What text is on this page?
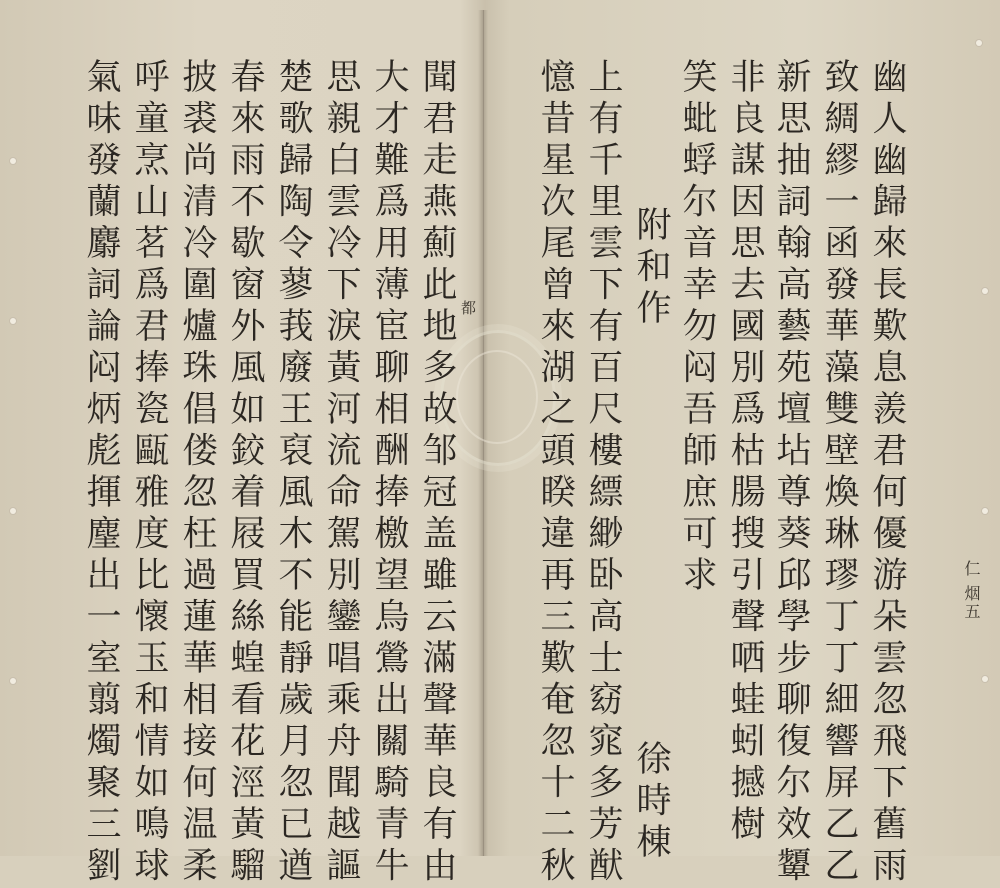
幽人幽歸來長歎息羨君何優游朵雲忽飛下舊雨
致綢繆一函發華藻雙壁煥琳璆丁丁細響屏乙乙
新思抽詞翰高藝苑壇坫尊葵邱學步聊復尔效顰
非良謀因思去國別爲枯腸搜引聲哂蛙蚓撼樹
笑蚍蜉尔音幸勿闷吾師庶可求
附和作
徐時棟
上有千里雲下有百尺樓縹緲卧高士窈窕多芳猷
憶昔星次尾曾來湖之頭睽違再三歎奄忽十二秋
聞君走燕薊此地多故邹冠盖雖云滿聲華良有由 都
大才難爲用薄宦聊相酬捧檄望烏鶯出關騎青牛
思親白雲冷下淚黃河流命駕別鑾唱乘舟聞越謳
楚歌歸陶令蓼莪廢王裒風木不能靜歲月忽已遒
春來雨不歇窗外風如鉸着屐買絲蝗看花涇黃騮
披裘尚清冷圍爐珠倡偻忽枉過蓮華相接何温柔
呼童烹山茗爲君捧瓷甌雅度比懷玉和情如鳴球
氣味發蘭麝詞論闷炳彪揮麈出一室翦燭聚三劉	仁 烟五
